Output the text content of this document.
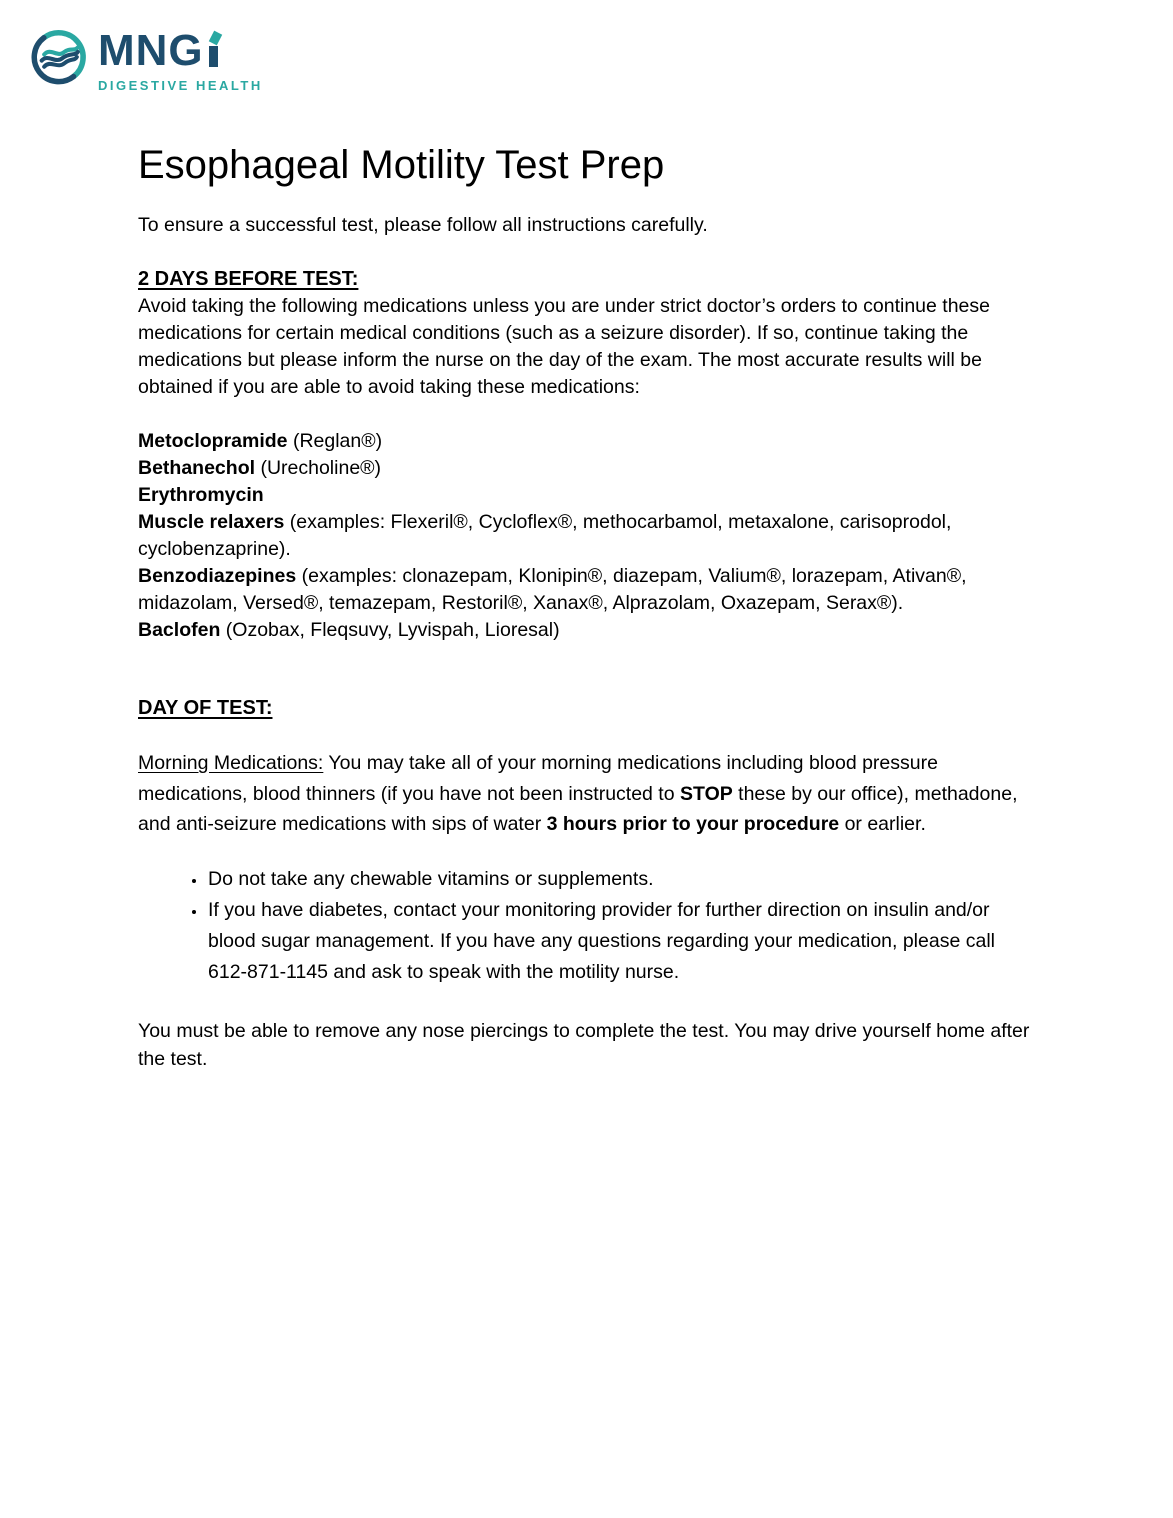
MNG
DIGESTIVE HEALTH
Esophageal Motility Test Prep

To ensure a successful test, please follow all instructions carefully.

2 DAYS BEFORE TEST:

Avoid taking the following medications unless you are under strict doctor’s orders to continue these medications for certain medical conditions (such as a seizure disorder). If so, continue taking the medications but please inform the nurse on the day of the exam. The most accurate results will be obtained if you are able to avoid taking these medications:

Metoclopramide (Reglan®)
Bethanechol (Urecholine®)
Erythromycin
Muscle relaxers (examples: Flexeril®, Cycloflex®, methocarbamol, metaxalone, carisoprodol, cyclobenzaprine).
Benzodiazepines (examples: clonazepam, Klonipin®, diazepam, Valium®, lorazepam, Ativan®, midazolam, Versed®, temazepam, Restoril®, Xanax®, Alprazolam, Oxazepam, Serax®).
Baclofen (Ozobax, Fleqsuvy, Lyvispah, Lioresal)
DAY OF TEST:

Morning Medications: You may take all of your morning medications including blood pressure medications, blood thinners (if you have not been instructed to STOP these by our office), methadone, and anti-seizure medications with sips of water 3 hours prior to your procedure or earlier.

• Do not take any chewable vitamins or supplements.
• If you have diabetes, contact your monitoring provider for further direction on insulin and/or blood sugar management. If you have any questions regarding your medication, please call 612-871-1145 and ask to speak with the motility nurse.

You must be able to remove any nose piercings to complete the test. You may drive yourself home after the test.
